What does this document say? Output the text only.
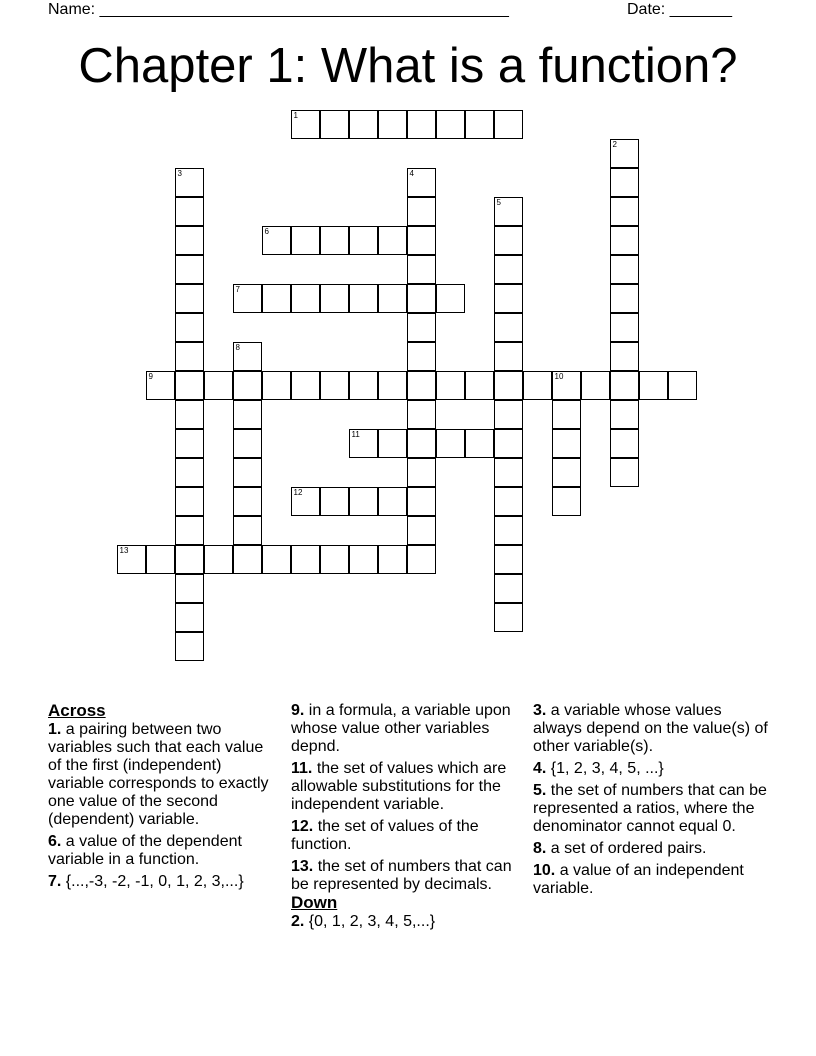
Name: ______________________________________________	Date: _______
Chapter 1: What is a function?
1
6
7
9	10
11
12
13
2
3	4
5
8
Across
1. a pairing between two variables such that each value of the first (independent) variable corresponds to exactly one value of the second (dependent) variable.
6. a value of the dependent variable in a function.
7. {...,-3, -2, -1, 0, 1, 2, 3,...}
9. in a formula, a variable upon whose value other variables depnd.
11. the set of values which are allowable substitutions for the independent variable.
12. the set of values of the function.
13. the set of numbers that can be represented by decimals.
Down
2. {0, 1, 2, 3, 4, 5,...}
3. a variable whose values always depend on the value(s) of other variable(s).
4. {1, 2, 3, 4, 5, ...}
5. the set of numbers that can be represented a ratios, where the denominator cannot equal 0.
8. a set of ordered pairs.
10. a value of an independent variable.
